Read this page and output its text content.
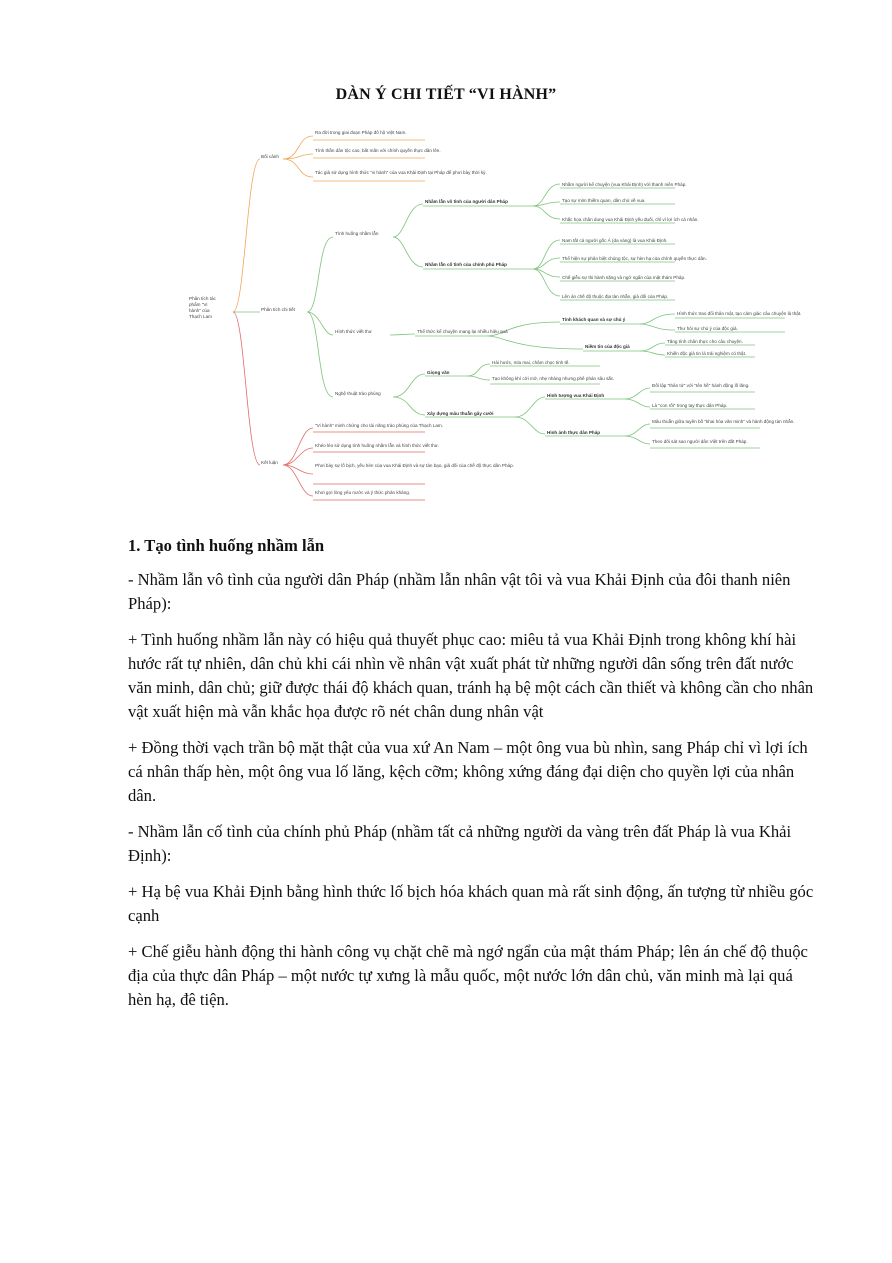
DÀN Ý CHI TIẾT “VI HÀNH”
Phân tích tác phẩm "Vi hành" của Thạch Lam
Bối cảnh
Phân tích chi tiết
Kết luận
Ra đời trong giai đoạn Pháp đô hộ Việt Nam.
Tình thần dân tộc cao, bất mãn với chính quyền thực dân lên.
Tác giả sử dụng hình thức "vi hành" của vua Khải Định tại Pháp để phơi bày thời kỳ.
Tình huống nhầm lẫn
Hình thức viết thư
Nghệ thuật trào phúng
Nhầm lẫn vô tình của người dân Pháp
Nhầm lẫn cố tình của chính phủ Pháp
Nhầm người kể chuyện (vua Khải Định) với thanh niên Pháp.
Tạo sự mỉm thiếm quan, dân chủ về vua.
Khắc họa chân dung vua Khải Định yếu đuối, chỉ vì lợi ích cá nhân.
Nam tất cả người gốc Á (da vàng) là vua Khải Định.
Thể hiện sự phân biệt chủng tộc, sự hèn hạ của chính quyền thực dân.
Chế giễu sự thi hành sặng và ngớ ngẩn của mật thám Pháp.
Lên án chế độ thuộc địa tàn nhẫn, giả dối của Pháp.
Thể thức kể chuyện mang lại nhiều hiệu quả
Tính khách quan và sự chủ ý
Niềm tin của độc giả
Hình thức trao đổi thân mật, tạo cảm giác câu chuyện là thật.
Thư hỏi sự chủ ý của độc giả.
Tăng tính chân thực cho câu chuyện.
Khiến độc giả tin là trải nghiệm có thật.
Giọng văn
Hài hước, mỉa mai, châm chọc tinh tế.
Tạo không khí cởi mở, nhẹ nhàng nhưng phê phán sâu sắc.
Xây dựng mâu thuẫn gây cười
Hình tượng vua Khải Định
Hình ảnh thực dân Pháp
Đối lập "thân tử" với "tên hề" hành động lố lăng.
Là "con rối" trong tay thực dân Pháp.
Mâu thuẫn giữa tuyên bố "khai hóa văn minh" và hành động tàn nhẫn.
Theo dõi sát sao người dân Việt trên đất Pháp.
"Vi hành" minh chứng cho tài năng trào phúng của Thạch Lam.
Khéo léo sử dụng tình huống nhầm lẫn và hình thức viết thư.
Phơi bày sự lố bịch, yếu hèn của vua Khải Định và sự tàn bạo, giả dối của chế độ thực dân Pháp.
Khơi gợi lòng yêu nước và ý thức phản kháng.
1. Tạo tình huống nhầm lẫn

- Nhầm lẫn vô tình của người dân Pháp (nhầm lẫn nhân vật tôi và vua Khải Định của đôi thanh niên Pháp):

+ Tình huống nhầm lẫn này có hiệu quả thuyết phục cao: miêu tả vua Khải Định trong không khí hài hước rất tự nhiên, dân chủ khi cái nhìn về nhân vật xuất phát từ những người dân sống trên đất nước văn minh, dân chủ; giữ được thái độ khách quan, tránh hạ bệ một cách cần thiết và không cần cho nhân vật xuất hiện mà vẫn khắc họa được rõ nét chân dung nhân vật

+ Đồng thời vạch trần bộ mặt thật của vua xứ An Nam – một ông vua bù nhìn, sang Pháp chỉ vì lợi ích cá nhân thấp hèn, một ông vua lố lăng, kệch cỡm; không xứng đáng đại diện cho quyền lợi của nhân dân.

- Nhầm lẫn cố tình của chính phủ Pháp (nhầm tất cả những người da vàng trên đất Pháp là vua Khải Định):

+ Hạ bệ vua Khải Định bằng hình thức lố bịch hóa khách quan mà rất sinh động, ấn tượng từ nhiều góc cạnh

+ Chế giễu hành động thi hành công vụ chặt chẽ mà ngớ ngẩn của mật thám Pháp; lên án chế độ thuộc địa của thực dân Pháp – một nước tự xưng là mẫu quốc, một nước lớn dân chủ, văn minh mà lại quá hèn hạ, đê tiện.
